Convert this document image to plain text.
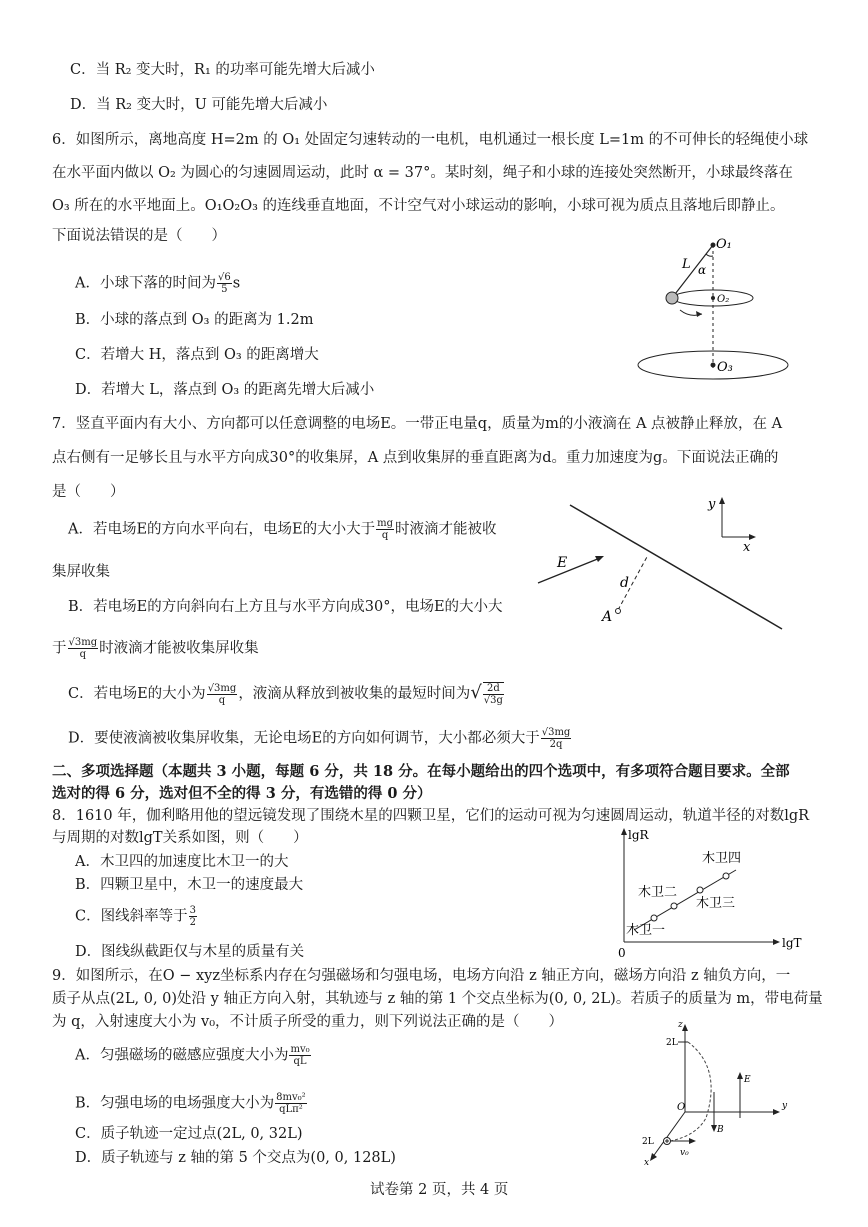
C．当 R₂ 变大时，R₁ 的功率可能先增大后减小
D．当 R₂ 变大时，U 可能先增大后减小
6．如图所示，离地高度 H=2m 的 O₁ 处固定匀速转动的一电机，电机通过一根长度 L=1m 的不可伸长的轻绳使小球
在水平面内做以 O₂ 为圆心的匀速圆周运动，此时 α = 37°。某时刻，绳子和小球的连接处突然断开，小球最终落在
O₃ 所在的水平地面上。O₁O₂O₃ 的连线垂直地面，不计空气对小球运动的影响，小球可视为质点且落地后即静止。
下面说法错误的是（　　）
A．小球下落的时间为 $\frac{√6}{5}$ s
B．小球的落点到 O₃ 的距离为 1.2m
C．若增大 H，落点到 O₃ 的距离增大
D．若增大 L，落点到 O₃ 的距离先增大后减小
L α
O₁
O₂
O₃
7．竖直平面内有大小、方向都可以任意调整的电场E。一带正电量q，质量为m的小液滴在 A 点被静止释放，在 A
点右侧有一足够长且与水平方向成30°的收集屏，A 点到收集屏的垂直距离为d。重力加速度为g。下面说法正确的
是（　　）
A．若电场E的方向水平向右，电场E的大小大于 $\frac{mg}{q}$ 时液滴才能被收
集屏收集
B．若电场E的方向斜向右上方且与水平方向成30°，电场E的大小大
于 $\frac{√3mg}{q}$ 时液滴才能被收集屏收集
C．若电场E的大小为 $\frac{√3mg}{q}$ ，液滴从释放到被收集的最短时间为√ $\frac{2d}{√3g}$
D．要使液滴被收集屏收集，无论电场E的方向如何调节，大小都必须大于 $\frac{√3mg}{2q}$
y
x
E
d
A
二、多项选择题（本题共 3 小题，每题 6 分，共 18 分。在每小题给出的四个选项中，有多项符合题目要求。全部
选对的得 6 分，选对但不全的得 3 分，有选错的得 0 分）
8．1610 年，伽利略用他的望远镜发现了围绕木星的四颗卫星，它们的运动可视为匀速圆周运动，轨道半径的对数lgR
与周期的对数lgT关系如图，则（　　）
A．木卫四的加速度比木卫一的大
B．四颗卫星中，木卫一的速度最大
C．图线斜率等于 $\frac{3}{2}$
D．图线纵截距仅与木星的质量有关
lgR
lgT
0
木卫一
木卫二
木卫三
木卫四
9．如图所示，在O − xyz坐标系内存在匀强磁场和匀强电场，电场方向沿 z 轴正方向，磁场方向沿 z 轴负方向，一
质子从点(2L, 0, 0)处沿 y 轴正方向入射，其轨迹与 z 轴的第 1 个交点坐标为(0, 0, 2L)。若质子的质量为 m，带电荷量
为 q，入射速度大小为 v₀，不计质子所受的重力，则下列说法正确的是（　　）
A．匀强磁场的磁感应强度大小为 $\frac{\text{mv₀}}{qL}$
B．匀强电场的电场强度大小为 $\frac{\text{8mv₀²}}{\text{qLπ²}}$
C．质子轨迹一定过点(2L, 0, 32L)
D．质子轨迹与 z 轴的第 5 个交点为(0, 0, 128L)
z
y
x
O
2L
2L
E
B
v₀
试卷第 2 页，共 4 页
